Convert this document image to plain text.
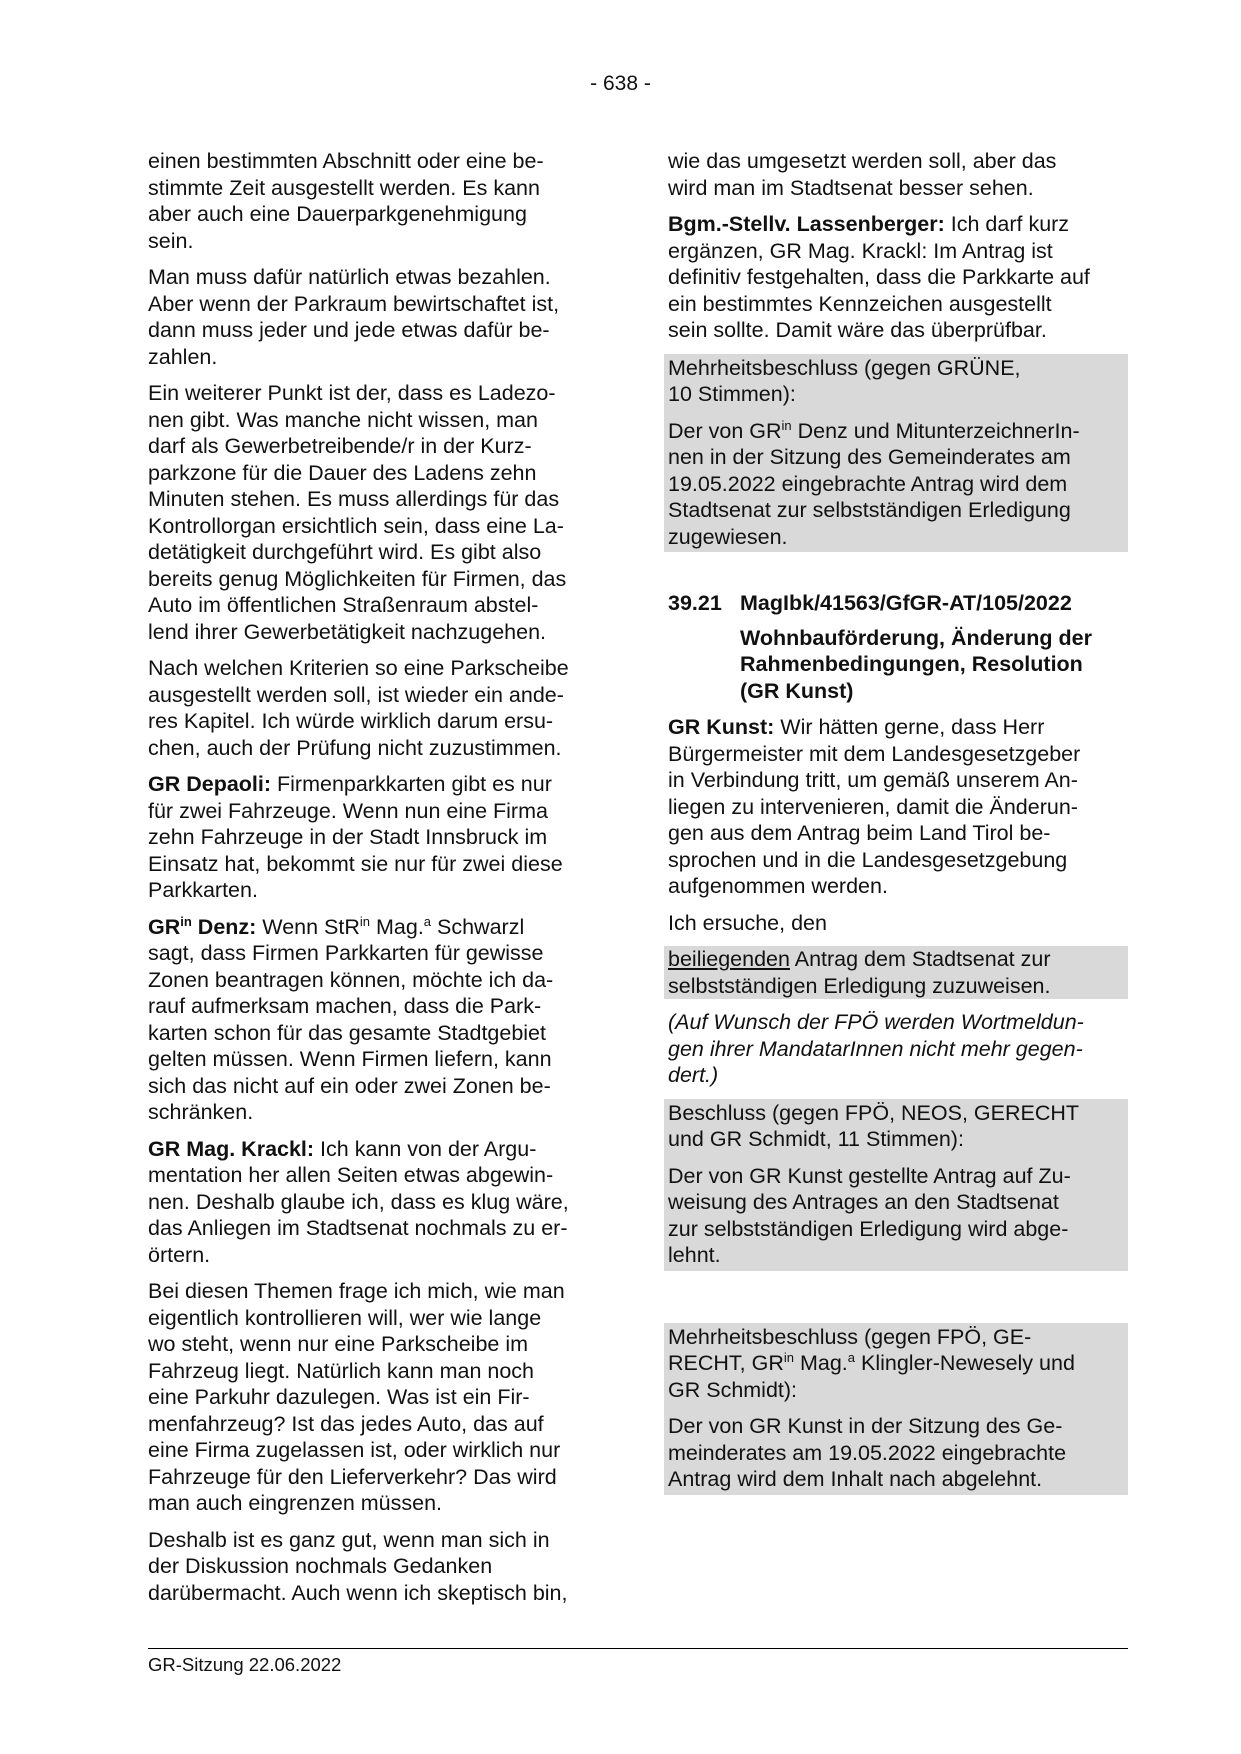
- 638 -

einen bestimmten Abschnitt oder eine be-
stimmte Zeit ausgestellt werden. Es kann
aber auch eine Dauerparkgenehmigung
sein.

Man muss dafür natürlich etwas bezahlen.
Aber wenn der Parkraum bewirtschaftet ist,
dann muss jeder und jede etwas dafür be-
zahlen.

Ein weiterer Punkt ist der, dass es Ladezo-
nen gibt. Was manche nicht wissen, man
darf als Gewerbetreibende/r in der Kurz-
parkzone für die Dauer des Ladens zehn
Minuten stehen. Es muss allerdings für das
Kontrollorgan ersichtlich sein, dass eine La-
detätigkeit durchgeführt wird. Es gibt also
bereits genug Möglichkeiten für Firmen, das
Auto im öffentlichen Straßenraum abstel-
lend ihrer Gewerbetätigkeit nachzugehen.

Nach welchen Kriterien so eine Parkscheibe
ausgestellt werden soll, ist wieder ein ande-
res Kapitel. Ich würde wirklich darum ersu-
chen, auch der Prüfung nicht zuzustimmen.

GR Depaoli: Firmenparkkarten gibt es nur
für zwei Fahrzeuge. Wenn nun eine Firma
zehn Fahrzeuge in der Stadt Innsbruck im
Einsatz hat, bekommt sie nur für zwei diese
Parkkarten.

$GR^{in}$ Denz: Wenn StR$^{in}$ Mag.$^a$ Schwarzl
sagt, dass Firmen Parkkarten für gewisse
Zonen beantragen können, möchte ich da-
rauf aufmerksam machen, dass die Park-
karten schon für das gesamte Stadtgebiet
gelten müssen. Wenn Firmen liefern, kann
sich das nicht auf ein oder zwei Zonen be-
schränken.

GR Mag. Krackl: Ich kann von der Argu-
mentation her allen Seiten etwas abgewin-
nen. Deshalb glaube ich, dass es klug wäre,
das Anliegen im Stadtsenat nochmals zu er-
örtern.

Bei diesen Themen frage ich mich, wie man
eigentlich kontrollieren will, wer wie lange
wo steht, wenn nur eine Parkscheibe im
Fahrzeug liegt. Natürlich kann man noch
eine Parkuhr dazulegen. Was ist ein Fir-
menfahrzeug? Ist das jedes Auto, das auf
eine Firma zugelassen ist, oder wirklich nur
Fahrzeuge für den Lieferverkehr? Das wird
man auch eingrenzen müssen.

Deshalb ist es ganz gut, wenn man sich in
der Diskussion nochmals Gedanken
darübermacht. Auch wenn ich skeptisch bin,

wie das umgesetzt werden soll, aber das
wird man im Stadtsenat besser sehen.

Bgm.-Stellv. Lassenberger: Ich darf kurz
ergänzen, GR Mag. Krackl: Im Antrag ist
definitiv festgehalten, dass die Parkkarte auf
ein bestimmtes Kennzeichen ausgestellt
sein sollte. Damit wäre das überprüfbar.

Mehrheitsbeschluss (gegen GRÜNE,
10 Stimmen):

Der von $GR^{in}$ Denz und MitunterzeichnerIn-
nen in der Sitzung des Gemeinderates am
19.05.2022 eingebrachte Antrag wird dem
Stadtsenat zur selbstständigen Erledigung
zugewiesen.

39.21 MagIbk/41563/GfGR-AT/105/2022
Wohnbauförderung, Änderung der
Rahmenbedingungen, Resolution
(GR Kunst)

GR Kunst: Wir hätten gerne, dass Herr
Bürgermeister mit dem Landesgesetzgeber
in Verbindung tritt, um gemäß unserem An-
liegen zu intervenieren, damit die Änderun-
gen aus dem Antrag beim Land Tirol be-
sprochen und in die Landesgesetzgebung
aufgenommen werden.

Ich ersuche, den

beiliegenden Antrag dem Stadtsenat zur
selbstständigen Erledigung zuzuweisen.

(Auf Wunsch der FPÖ werden Wortmeldun-
gen ihrer MandatarInnen nicht mehr gegen-
dert.)

Beschluss (gegen FPÖ, NEOS, GERECHT
und GR Schmidt, 11 Stimmen):

Der von GR Kunst gestellte Antrag auf Zu-
weisung des Antrages an den Stadtsenat
zur selbstständigen Erledigung wird abge-
lehnt.

Mehrheitsbeschluss (gegen FPÖ, GE-
RECHT, $GR^{in}$ Mag.$^a$ Klingler-Newesely und
GR Schmidt):

Der von GR Kunst in der Sitzung des Ge-
meinderates am 19.05.2022 eingebrachte
Antrag wird dem Inhalt nach abgelehnt.

GR-Sitzung 22.06.2022
